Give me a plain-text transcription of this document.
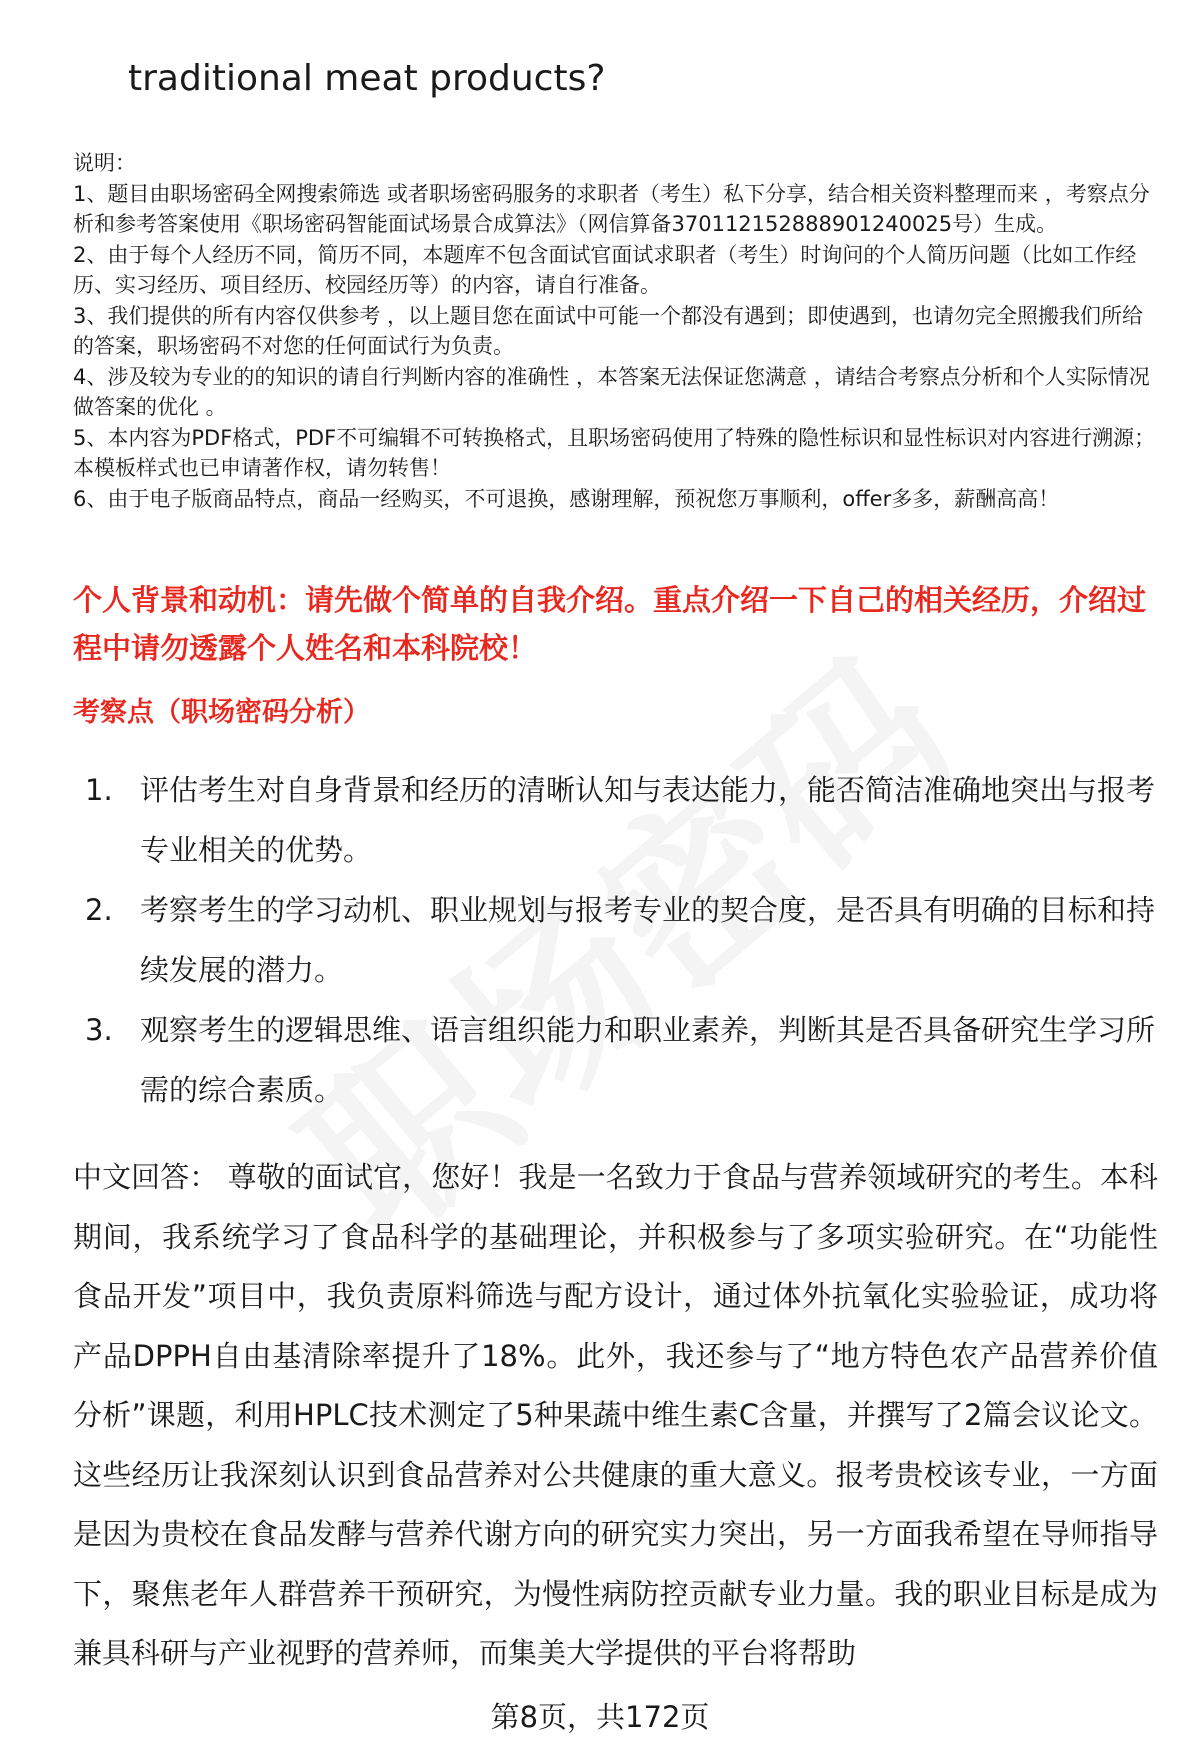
traditional meat products?
说明：
1、题目由职场密码全网搜索筛选 或者职场密码服务的求职者（考生）私下分享，结合相关资料整理而来 ，考察点分析和参考答案使用《职场密码智能面试场景合成算法》（网信算备370112152888901240025号）生成。
2、由于每个人经历不同，简历不同，本题库不包含面试官面试求职者（考生）时询问的个人简历问题（比如工作经历、实习经历、项目经历、校园经历等）的内容，请自行准备。
3、我们提供的所有内容仅供参考 ，以上题目您在面试中可能一个都没有遇到；即使遇到，也请勿完全照搬我们所给的答案，职场密码不对您的任何面试行为负责。
4、涉及较为专业的的知识的请自行判断内容的准确性 ，本答案无法保证您满意 ，请结合考察点分析和个人实际情况做答案的优化 。
5、本内容为PDF格式，PDF不可编辑不可转换格式，且职场密码使用了特殊的隐性标识和显性标识对内容进行溯源；本模板样式也已申请著作权，请勿转售！
6、由于电子版商品特点，商品一经购买，不可退换，感谢理解，预祝您万事顺利，offer多多，薪酬高高！
个人背景和动机：请先做个简单的自我介绍。重点介绍一下自己的相关经历，介绍过程中请勿透露个人姓名和本科院校！
考察点（职场密码分析）
1. 评估考生对自身背景和经历的清晰认知与表达能力，能否简洁准确地突出与报考专业相关的优势。
2. 考察考生的学习动机、职业规划与报考专业的契合度，是否具有明确的目标和持续发展的潜力。
3. 观察考生的逻辑思维、语言组织能力和职业素养，判断其是否具备研究生学习所需的综合素质。
中文回答： 尊敬的面试官，您好！我是一名致力于食品与营养领域研究的考生。本科期间，我系统学习了食品科学的基础理论，并积极参与了多项实验研究。在“功能性食品开发”项目中，我负责原料筛选与配方设计，通过体外抗氧化实验验证，成功将产品DPPH自由基清除率提升了18%。此外，我还参与了“地方特色农产品营养价值分析”课题，利用HPLC技术测定了5种果蔬中维生素C含量，并撰写了2篇会议论文。这些经历让我深刻认识到食品营养对公共健康的重大意义。报考贵校该专业，一方面是因为贵校在食品发酵与营养代谢方向的研究实力突出，另一方面我希望在导师指导下，聚焦老年人群营养干预研究，为慢性病防控贡献专业力量。我的职业目标是成为兼具科研与产业视野的营养师，而集美大学提供的平台将帮助
第8页，共172页
